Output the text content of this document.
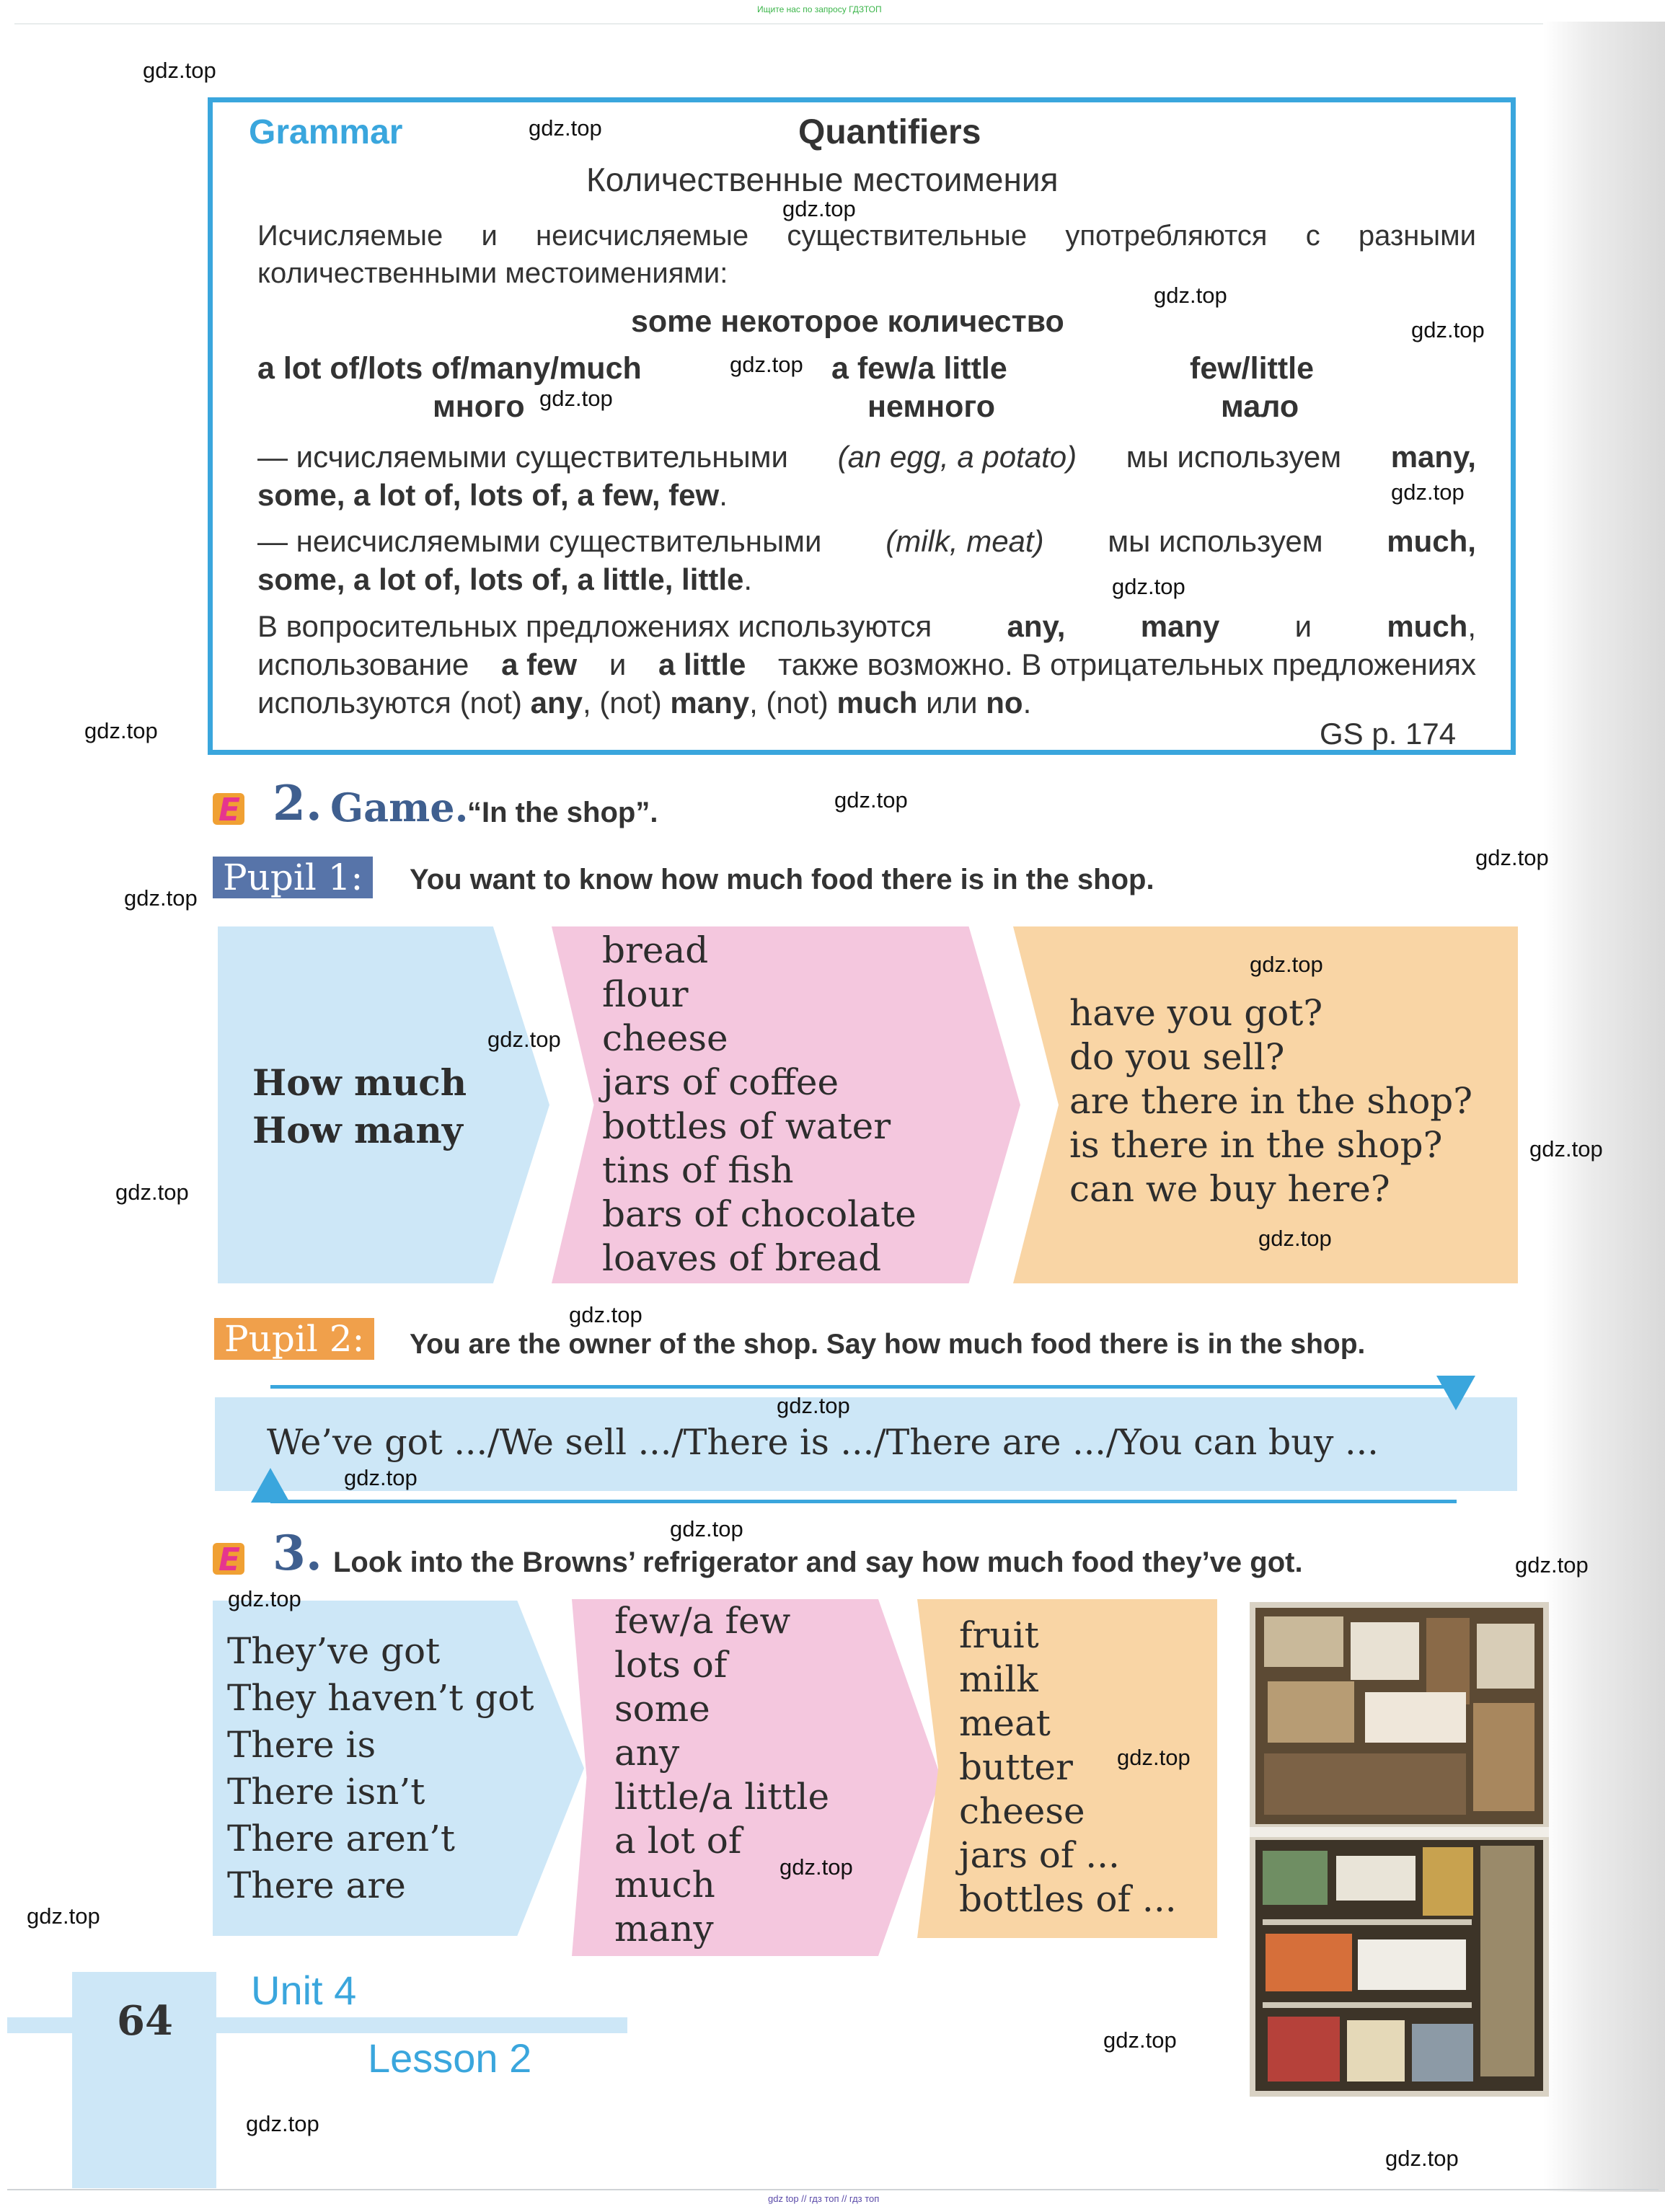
Ищите нас по запросу ГДЗТОП
Grammar	Quantifiers
Количественные местоимения
Исчисляемые и неисчисляемые существительные употребляются с разными
количественными местоимениями:
some некоторое количество
a lot of/lots of/many/much
много
a few/a little
немного
few/little
мало
— исчисляемыми существительными (an egg, a potato) мы используем many,
some, a lot of, lots of, a few, few.
— неисчисляемыми существительными (milk, meat) мы используем much,
some, a lot of, lots of, a little, little.
В вопросительных предложениях используются any, many и much,
использование a few и a little также возможно. В отрицательных предложениях
используются (not) any, (not) many, (not) much или no.
GS p. 174
E
2. Game.
“In the shop”.
Pupil 1:	You want to know how much food there is in the shop.
How much
How many
bread
flour
cheese
jars of coffee
bottles of water
tins of fish
bars of chocolate
loaves of bread
have you got?
do you sell?
are there in the shop?
is there in the shop?
can we buy here?
Pupil 2:	You are the owner of the shop. Say how much food there is in the shop.
We’ve got .../We sell .../There is .../There are .../You can buy ...
E
3. Look into the Browns’ refrigerator and say how much food they’ve got.
They’ve got
They haven’t got
There is
There isn’t
There aren’t
There are
few/a few
lots of
some
any
little/a little
a lot of
much
many
fruit
milk
meat
butter
cheese
jars of ...
bottles of ...
64
Unit 4
Lesson 2
gdz top // гдз топ // гдз топ
gdz.top
gdz.top
gdz.top
gdz.top
gdz.top
gdz.top
gdz.top
gdz.top
gdz.top
gdz.top
gdz.top
gdz.top
gdz.top
gdz.top
gdz.top
gdz.top
gdz.top
gdz.top
gdz.top
gdz.top
gdz.top
gdz.top
gdz.top
gdz.top
gdz.top
gdz.top
gdz.top
gdz.top
gdz.top
gdz.top
